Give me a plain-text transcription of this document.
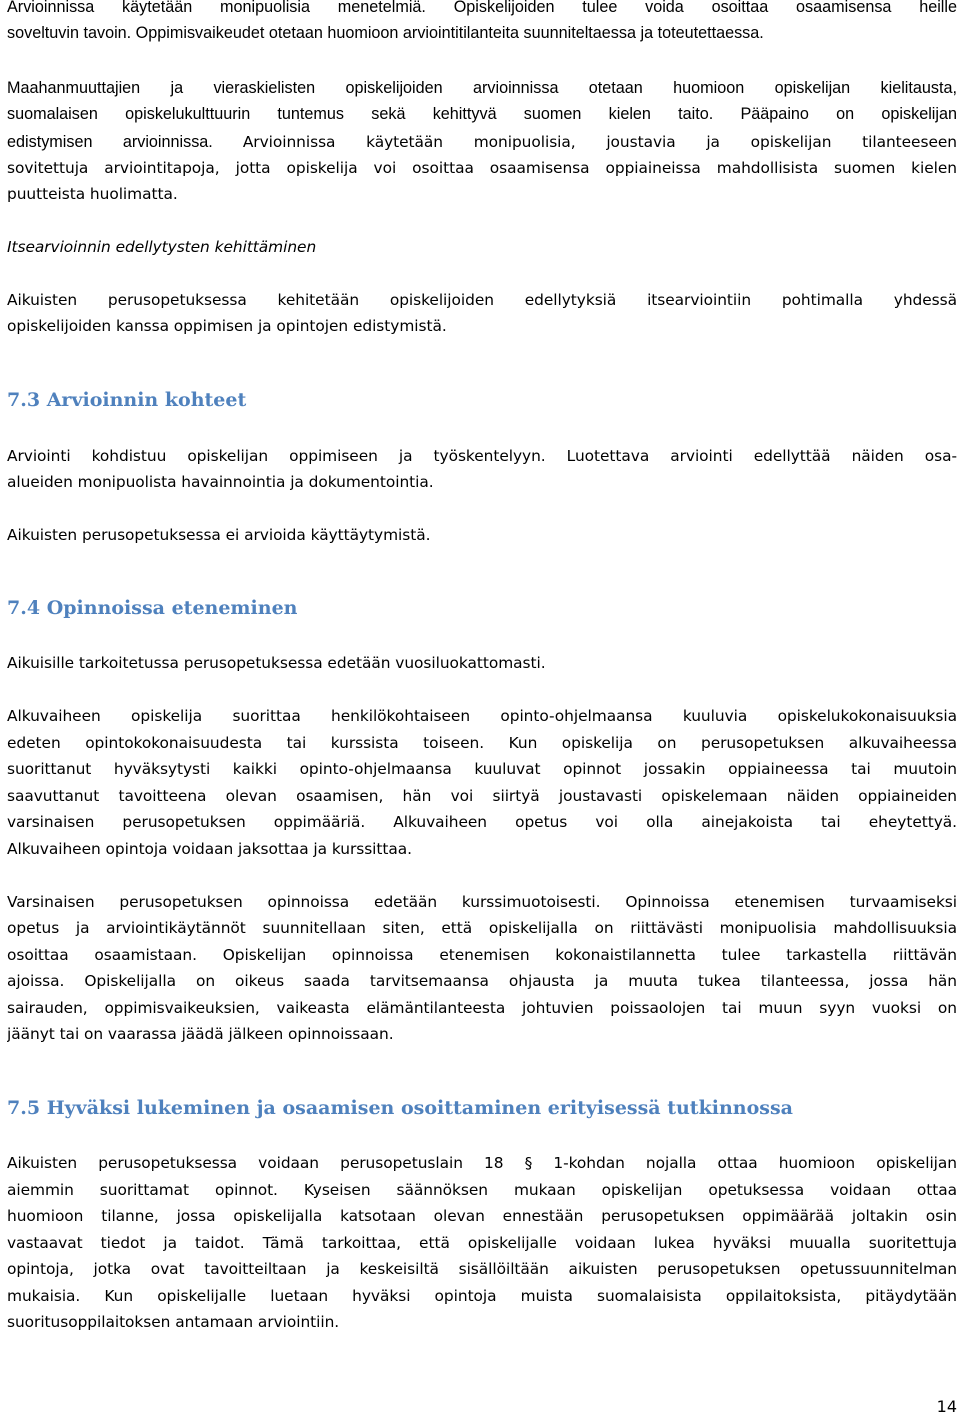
Arvioinnissa käytetään monipuolisia menetelmiä. Opiskelijoiden tulee voida osoittaa osaamisensa heille
soveltuvin tavoin. Oppimisvaikeudet otetaan huomioon arviointitilanteita suunniteltaessa ja toteutettaessa.
Maahanmuuttajien ja vieraskielisten opiskelijoiden arvioinnissa otetaan huomioon opiskelijan kielitausta,
suomalaisen opiskelukulttuurin tuntemus sekä kehittyvä suomen kielen taito. Pääpaino on opiskelijan
edistymisen arvioinnissa. Arvioinnissa käytetään monipuolisia, joustavia ja opiskelijan tilanteeseen
sovitettuja arviointitapoja, jotta opiskelija voi osoittaa osaamisensa oppiaineissa mahdollisista suomen kielen
puutteista huolimatta.
Itsearvioinnin edellytysten kehittäminen
Aikuisten perusopetuksessa kehitetään opiskelijoiden edellytyksiä itsearviointiin pohtimalla yhdessä
opiskelijoiden kanssa oppimisen ja opintojen edistymistä.
7.3 Arvioinnin kohteet
Arviointi kohdistuu opiskelijan oppimiseen ja työskentelyyn. Luotettava arviointi edellyttää näiden osa-
alueiden monipuolista havainnointia ja dokumentointia.
Aikuisten perusopetuksessa ei arvioida käyttäytymistä.
7.4 Opinnoissa eteneminen
Aikuisille tarkoitetussa perusopetuksessa edetään vuosiluokattomasti.
Alkuvaiheen opiskelija suorittaa henkilökohtaiseen opinto-ohjelmaansa kuuluvia opiskelukokonaisuuksia
edeten opintokokonaisuudesta tai kurssista toiseen. Kun opiskelija on perusopetuksen alkuvaiheessa
suorittanut hyväksytysti kaikki opinto-ohjelmaansa kuuluvat opinnot jossakin oppiaineessa tai muutoin
saavuttanut tavoitteena olevan osaamisen, hän voi siirtyä joustavasti opiskelemaan näiden oppiaineiden
varsinaisen perusopetuksen oppimääriä. Alkuvaiheen opetus voi olla ainejakoista tai eheytettyä.
Alkuvaiheen opintoja voidaan jaksottaa ja kurssittaa.
Varsinaisen perusopetuksen opinnoissa edetään kurssimuotoisesti. Opinnoissa etenemisen turvaamiseksi
opetus ja arviointikäytännöt suunnitellaan siten, että opiskelijalla on riittävästi monipuolisia mahdollisuuksia
osoittaa osaamistaan. Opiskelijan opinnoissa etenemisen kokonaistilannetta tulee tarkastella riittävän
ajoissa. Opiskelijalla on oikeus saada tarvitsemaansa ohjausta ja muuta tukea tilanteessa, jossa hän
sairauden, oppimisvaikeuksien, vaikeasta elämäntilanteesta johtuvien poissaolojen tai muun syyn vuoksi on
jäänyt tai on vaarassa jäädä jälkeen opinnoissaan.
7.5 Hyväksi lukeminen ja osaamisen osoittaminen erityisessä tutkinnossa
Aikuisten perusopetuksessa voidaan perusopetuslain 18 § 1-kohdan nojalla ottaa huomioon opiskelijan
aiemmin suorittamat opinnot. Kyseisen säännöksen mukaan opiskelijan opetuksessa voidaan ottaa
huomioon tilanne, jossa opiskelijalla katsotaan olevan ennestään perusopetuksen oppimäärää joltakin osin
vastaavat tiedot ja taidot. Tämä tarkoittaa, että opiskelijalle voidaan lukea hyväksi muualla suoritettuja
opintoja, jotka ovat tavoitteiltaan ja keskeisiltä sisällöiltään aikuisten perusopetuksen opetussuunnitelman
mukaisia. Kun opiskelijalle luetaan hyväksi opintoja muista suomalaisista oppilaitoksista, pitäydytään
suoritusoppilaitoksen antamaan arviointiin.
14
